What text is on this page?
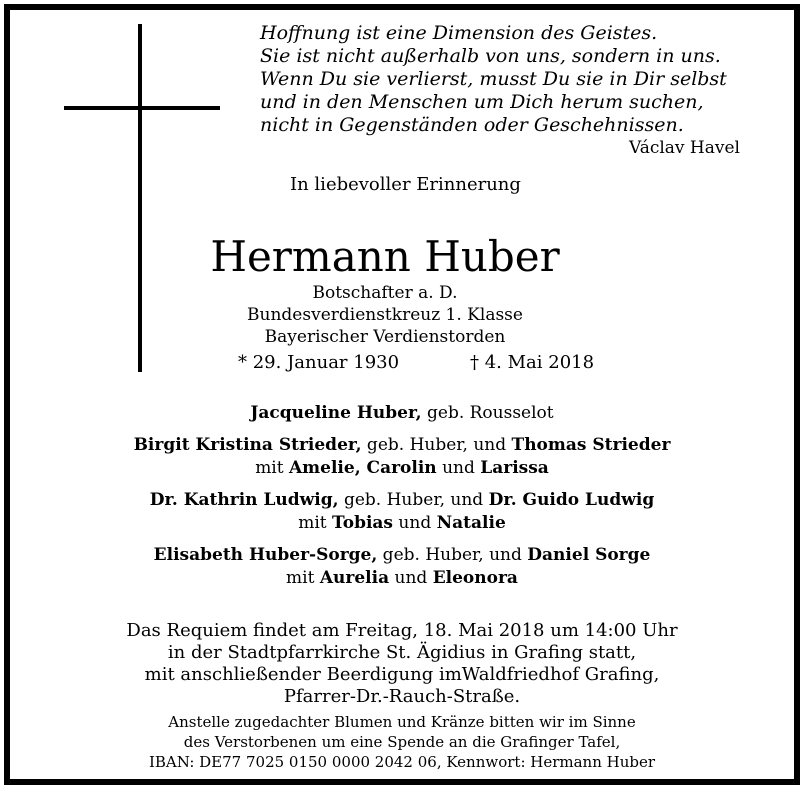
Hoffnung ist eine Dimension des Geistes.
Sie ist nicht außerhalb von uns, sondern in uns.
Wenn Du sie verlierst, musst Du sie in Dir selbst
und in den Menschen um Dich herum suchen,
nicht in Gegenständen oder Geschehnissen.
Václav Havel
In liebevoller Erinnerung
Hermann Huber
Botschafter a. D.
Bundesverdienstkreuz 1. Klasse
Bayerischer Verdienstorden
* 29. Januar 1930	† 4. Mai 2018
Jacqueline Huber, geb. Rousselot
Birgit Kristina Strieder, geb. Huber, und Thomas Strieder
mit Amelie, Carolin und Larissa
Dr. Kathrin Ludwig, geb. Huber, und Dr. Guido Ludwig
mit Tobias und Natalie
Elisabeth Huber-Sorge, geb. Huber, und Daniel Sorge
mit Aurelia und Eleonora
Das Requiem findet am Freitag, 18. Mai 2018 um 14:00 Uhr
in der Stadtpfarrkirche St. Ägidius in Grafing statt,
mit anschließender Beerdigung imWaldfriedhof Grafing,
Pfarrer-Dr.-Rauch-Straße.
Anstelle zugedachter Blumen und Kränze bitten wir im Sinne
des Verstorbenen um eine Spende an die Grafinger Tafel,
IBAN: DE77 7025 0150 0000 2042 06, Kennwort: Hermann Huber
